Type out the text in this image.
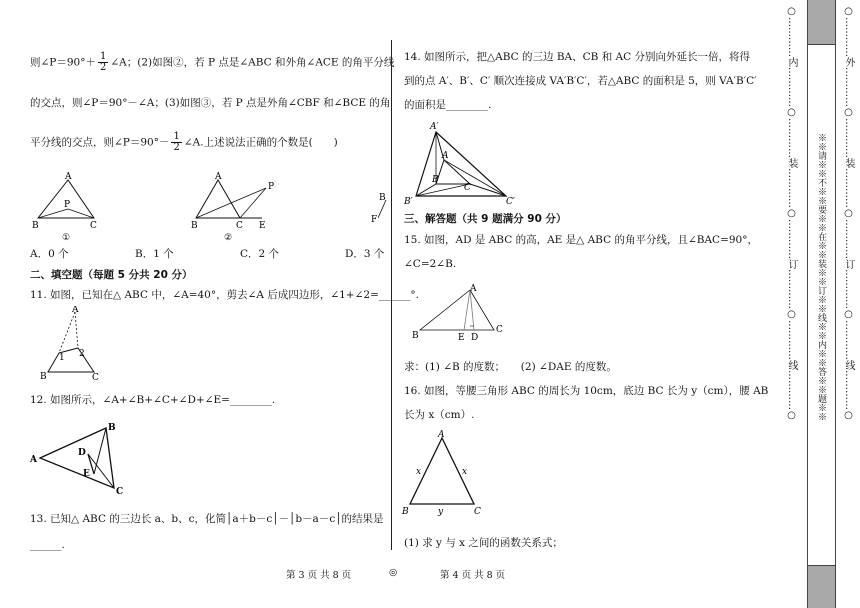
则∠P＝90°＋ $\frac{1}{2}$ ∠A；(2)如图②，若 P 点是∠ABC 和外角∠ACE 的角平分线
的交点，则∠P＝90°－∠A；(3)如图③，若 P 点是外角∠CBF 和∠BCE 的角
平分线的交点，则∠P＝90°－ $\frac{1}{2}$ ∠A.上述说法正确的个数是(　　)
A
P
B	C
①
A
P
B	C E
②
B
F
A．0 个	B．1 个	C．2 个	D．3 个
二、填空题（每题 5 分共 20 分）
11. 如图，已知在△ ABC 中，∠A=40°，剪去∠A 后成四边形，∠1+∠2=______°.
A
1 2
B	C
12. 如图所示，∠A+∠B+∠C+∠D+∠E=________.
A
B
C
D
E
13. 已知△ ABC 的三边长 a、b、c，化简│a＋b－c│－│b－a－c│的结果是
______.
14. 如图所示，把△ABC 的三边 BA、CB 和 AC 分别向外延长一倍，将得
到的点 A′、B′、C′ 顺次连接成 VA′B′C′，若△ABC 的面积是 5，则 VA′B′C′
的面积是________.
A′
A
B
C
B′	C′
三、解答题（共 9 题满分 90 分）
15. 如图，AD 是 ABC 的高，AE 是△ ABC 的角平分线，且∠BAC=90°，
∠C=2∠B.
A
B	E D
C
求：(1) ∠B 的度数；　　(2) ∠DAE 的度数。
16. 如图，等腰三角形 ABC 的周长为 10cm，底边 BC 长为 y（cm），腰 AB
长为 x（cm）.
A
x	x
B	y	C
(1) 求 y 与 x 之间的函数关系式；
第 3 页 共 8 页	◎	第 4 页 共 8 页
○…………内…………○…………装…………○…………订…………○…………线…………○ ※※请※※不※※要※※在※※装※※订※※线※※内※※答※※题※※ ○…………外…………○…………装…………○…………订…………○…………线…………○
